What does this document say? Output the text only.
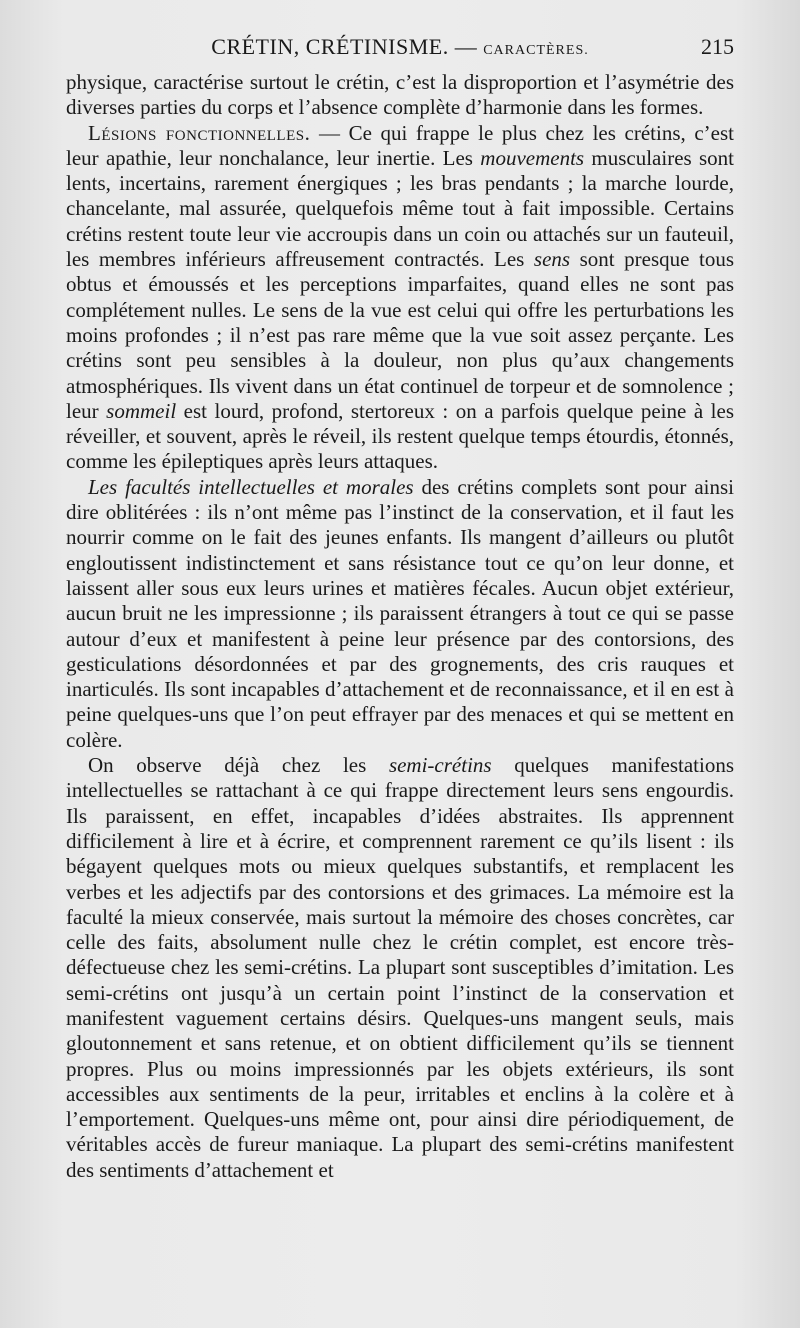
CRÉTIN, CRÉTINISME. — CARACTÈRES.	215

physique, caractérise surtout le crétin, c’est la disproportion et l’asymétrie des diverses parties du corps et l’absence complète d’harmonie dans les formes.

Lésions fonctionnelles. — Ce qui frappe le plus chez les crétins, c’est leur apathie, leur nonchalance, leur inertie. Les mouvements musculaires sont lents, incertains, rarement énergiques ; les bras pendants ; la marche lourde, chancelante, mal assurée, quelquefois même tout à fait impossible. Certains crétins restent toute leur vie accroupis dans un coin ou attachés sur un fauteuil, les membres inférieurs affreusement contractés. Les sens sont presque tous obtus et émoussés et les perceptions imparfaites, quand elles ne sont pas complétement nulles. Le sens de la vue est celui qui offre les perturbations les moins profondes ; il n’est pas rare même que la vue soit assez perçante. Les crétins sont peu sensibles à la douleur, non plus qu’aux changements atmosphériques. Ils vivent dans un état continuel de torpeur et de somnolence ; leur sommeil est lourd, profond, stertoreux : on a parfois quelque peine à les réveiller, et souvent, après le réveil, ils restent quelque temps étourdis, étonnés, comme les épileptiques après leurs attaques.

Les facultés intellectuelles et morales des crétins complets sont pour ainsi dire oblitérées : ils n’ont même pas l’instinct de la conservation, et il faut les nourrir comme on le fait des jeunes enfants. Ils mangent d’ailleurs ou plutôt engloutissent indistinctement et sans résistance tout ce qu’on leur donne, et laissent aller sous eux leurs urines et matières fécales. Aucun objet extérieur, aucun bruit ne les impressionne ; ils paraissent étrangers à tout ce qui se passe autour d’eux et manifestent à peine leur présence par des contorsions, des gesticulations désordonnées et par des grognements, des cris rauques et inarticulés. Ils sont incapables d’attachement et de reconnaissance, et il en est à peine quelques-uns que l’on peut effrayer par des menaces et qui se mettent en colère.

On observe déjà chez les semi-crétins quelques manifestations intellectuelles se rattachant à ce qui frappe directement leurs sens engourdis. Ils paraissent, en effet, incapables d’idées abstraites. Ils apprennent difficilement à lire et à écrire, et comprennent rarement ce qu’ils lisent : ils bégayent quelques mots ou mieux quelques substantifs, et remplacent les verbes et les adjectifs par des contorsions et des grimaces. La mémoire est la faculté la mieux conservée, mais surtout la mémoire des choses concrètes, car celle des faits, absolument nulle chez le crétin complet, est encore très-défectueuse chez les semi-crétins. La plupart sont susceptibles d’imitation. Les semi-crétins ont jusqu’à un certain point l’instinct de la conservation et manifestent vaguement certains désirs. Quelques-uns mangent seuls, mais gloutonnement et sans retenue, et on obtient difficilement qu’ils se tiennent propres. Plus ou moins impressionnés par les objets extérieurs, ils sont accessibles aux sentiments de la peur, irritables et enclins à la colère et à l’emportement. Quelques-uns même ont, pour ainsi dire périodiquement, de véritables accès de fureur maniaque. La plupart des semi-crétins manifestent des sentiments d’attachement et
